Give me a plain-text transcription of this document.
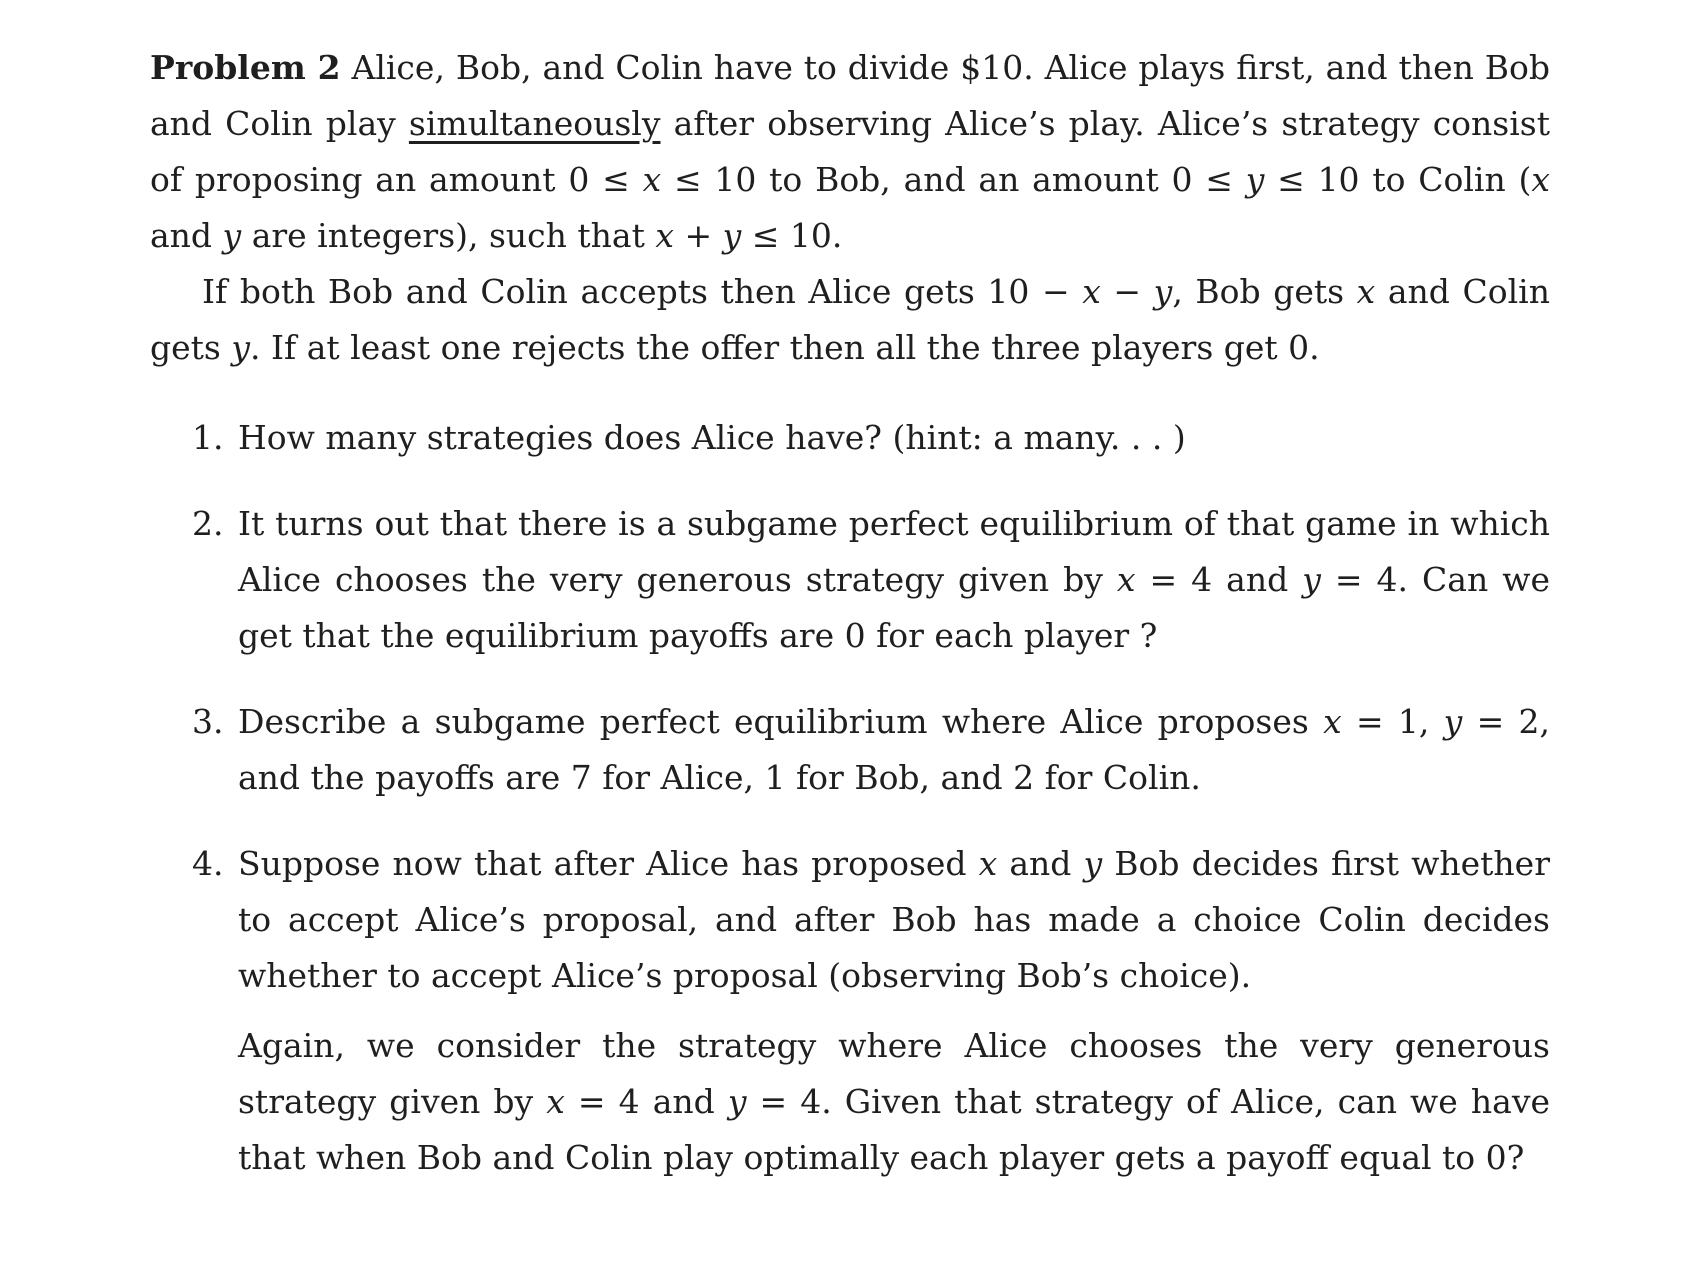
Problem 2 Alice, Bob, and Colin have to divide $10. Alice plays first, and then Bob and Colin play simultaneously after observing Alice’s play. Alice’s strategy consist of proposing an amount 0 ≤ x ≤ 10 to Bob, and an amount 0 ≤ y ≤ 10 to Colin (x and y are integers), such that x + y ≤ 10.

If both Bob and Colin accepts then Alice gets 10 − x − y, Bob gets x and Colin gets y. If at least one rejects the offer then all the three players get 0.

1. How many strategies does Alice have? (hint: a many. . . )

2. It turns out that there is a subgame perfect equilibrium of that game in which Alice chooses the very generous strategy given by x = 4 and y = 4. Can we get that the equilibrium payoffs are 0 for each player ?

3. Describe a subgame perfect equilibrium where Alice proposes x = 1, y = 2, and the payoffs are 7 for Alice, 1 for Bob, and 2 for Colin.

4. Suppose now that after Alice has proposed x and y Bob decides first whether to accept Alice’s proposal, and after Bob has made a choice Colin decides whether to accept Alice’s proposal (observing Bob’s choice).

Again, we consider the strategy where Alice chooses the very generous strategy given by x = 4 and y = 4. Given that strategy of Alice, can we have that when Bob and Colin play optimally each player gets a payoff equal to 0?
